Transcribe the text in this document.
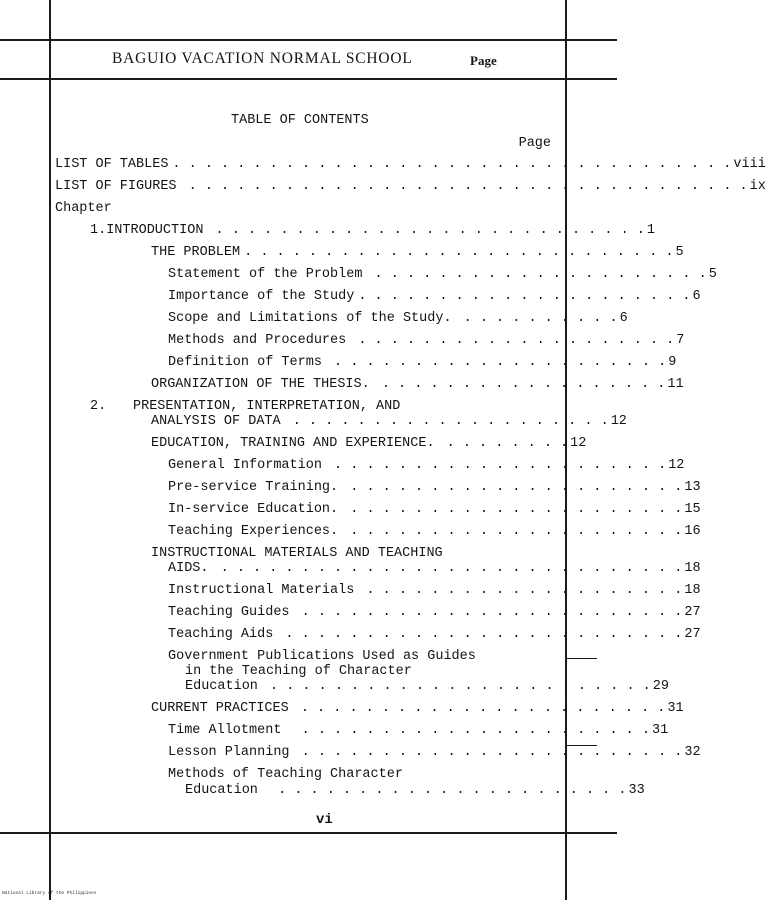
BAGUIO VACATION NORMAL SCHOOL	Page
TABLE OF CONTENTS
Page
LIST OF TABLES . . . . . . . . . . . . . . . . . . . . . . . . . . . . . . . . . . . viii
LIST OF FIGURES . . . . . . . . . . . . . . . . . . . . . . . . . . . . . . . . . . . ix
Chapter
1. INTRODUCTION . . . . . . . . . . . . . . . . . . . . . . . . . . . 1
THE PROBLEM . . . . . . . . . . . . . . . . . . . . . . . . . . . 5
Statement of the Problem . . . . . . . . . . . . . . . . . . . . . 5
Importance of the Study . . . . . . . . . . . . . . . . . . . . . 6
Scope and Limitations of the Study. . . . . . . . . . . 6
Methods and Procedures . . . . . . . . . . . . . . . . . . . . 7
Definition of Terms . . . . . . . . . . . . . . . . . . . . . 9
ORGANIZATION OF THE THESIS. . . . . . . . . . . . . . . . . . . 11
2. PRESENTATION, INTERPRETATION, AND
ANALYSIS OF DATA . . . . . . . . . . . . . . . . . . . . 12
EDUCATION, TRAINING AND EXPERIENCE. . . . . . . . . 12
General Information . . . . . . . . . . . . . . . . . . . . . 12
Pre-service Training. . . . . . . . . . . . . . . . . . . . . . 13
In-service Education. . . . . . . . . . . . . . . . . . . . . . 15
Teaching Experiences. . . . . . . . . . . . . . . . . . . . . . 16
INSTRUCTIONAL MATERIALS AND TEACHING
AIDS. . . . . . . . . . . . . . . . . . . . . . . . . . . . . . 18
Instructional Materials . . . . . . . . . . . . . . . . . . . . 18
Teaching Guides . . . . . . . . . . . . . . . . . . . . . . . . 27
Teaching Aids . . . . . . . . . . . . . . . . . . . . . . . . . 27
Government Publications Used as Guides
in the Teaching of Character
Education . . . . . . . . . . . . . . . . . . . . . . . . 29
CURRENT PRACTICES . . . . . . . . . . . . . . . . . . . . . . . 31
Time Allotment . . . . . . . . . . . . . . . . . . . . . . 31
Lesson Planning . . . . . . . . . . . . . . . . . . . . . . . . 32
Methods of Teaching Character
Education . . . . . . . . . . . . . . . . . . . . . . 33
vi
National Library of the Philippines
